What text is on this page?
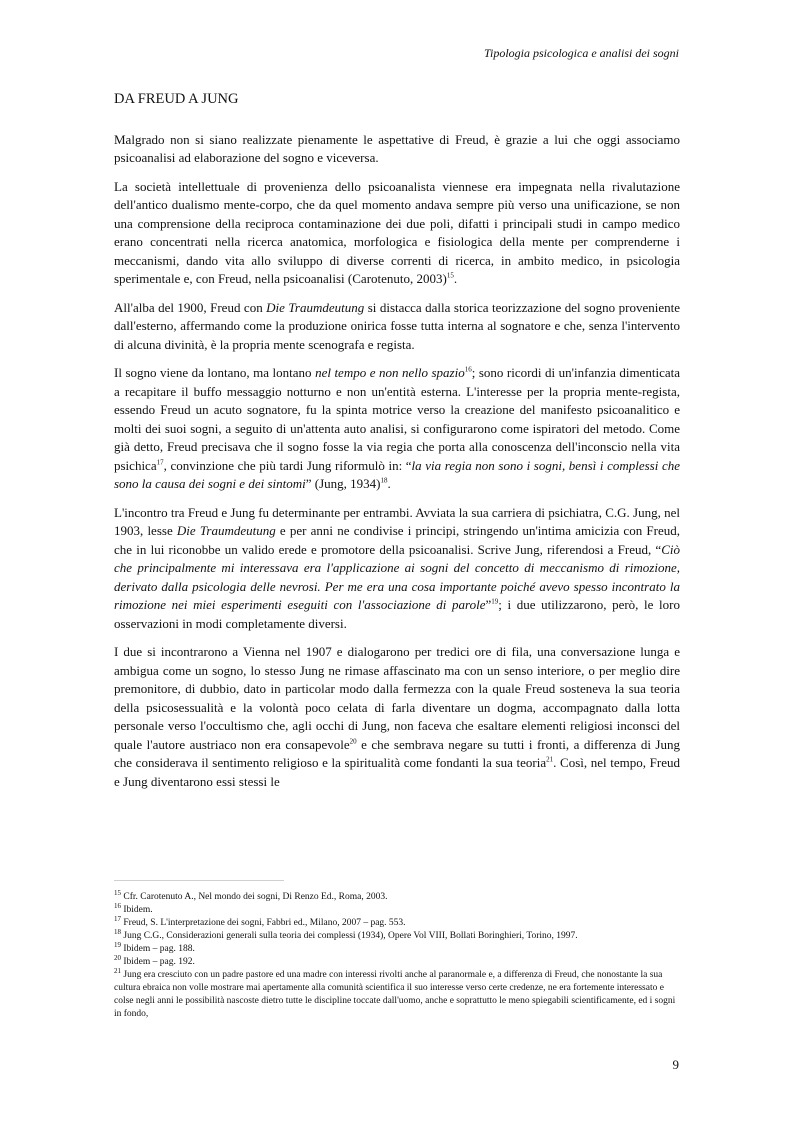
Tipologia psicologica e analisi dei sogni
DA FREUD A JUNG

Malgrado non si siano realizzate pienamente le aspettative di Freud, è grazie a lui che oggi associamo psicoanalisi ad elaborazione del sogno e viceversa.

La società intellettuale di provenienza dello psicoanalista viennese era impegnata nella rivalutazione dell'antico dualismo mente-corpo, che da quel momento andava sempre più verso una unificazione, se non una comprensione della reciproca contaminazione dei due poli, difatti i principali studi in campo medico erano concentrati nella ricerca anatomica, morfologica e fisiologica della mente per comprenderne i meccanismi, dando vita allo sviluppo di diverse correnti di ricerca, in ambito medico, in psicologia sperimentale e, con Freud, nella psicoanalisi (Carotenuto, 2003)$^{15}$.

All'alba del 1900, Freud con Die Traumdeutung si distacca dalla storica teorizzazione del sogno proveniente dall'esterno, affermando come la produzione onirica fosse tutta interna al sognatore e che, senza l'intervento di alcuna divinità, è la propria mente scenografa e regista.

Il sogno viene da lontano, ma lontano nel tempo e non nello spazio$^{16}$; sono ricordi di un'infanzia dimenticata a recapitare il buffo messaggio notturno e non un'entità esterna. L'interesse per la propria mente-regista, essendo Freud un acuto sognatore, fu la spinta motrice verso la creazione del manifesto psicoanalitico e molti dei suoi sogni, a seguito di un'attenta auto analisi, si configurarono come ispiratori del metodo. Come già detto, Freud precisava che il sogno fosse la via regia che porta alla conoscenza dell'inconscio nella vita psichica$^{17}$, convinzione che più tardi Jung riformulò in: “la via regia non sono i sogni, bensì i complessi che sono la causa dei sogni e dei sintomi” (Jung, 1934)$^{18}$.

L'incontro tra Freud e Jung fu determinante per entrambi. Avviata la sua carriera di psichiatra, C.G. Jung, nel 1903, lesse Die Traumdeutung e per anni ne condivise i principi, stringendo un'intima amicizia con Freud, che in lui riconobbe un valido erede e promotore della psicoanalisi. Scrive Jung, riferendosi a Freud, “Ciò che principalmente mi interessava era l'applicazione ai sogni del concetto di meccanismo di rimozione, derivato dalla psicologia delle nevrosi. Per me era una cosa importante poiché avevo spesso incontrato la rimozione nei miei esperimenti eseguiti con l'associazione di parole”$^{19}$; i due utilizzarono, però, le loro osservazioni in modi completamente diversi.

I due si incontrarono a Vienna nel 1907 e dialogarono per tredici ore di fila, una conversazione lunga e ambigua come un sogno, lo stesso Jung ne rimase affascinato ma con un senso interiore, o per meglio dire premonitore, di dubbio, dato in particolar modo dalla fermezza con la quale Freud sosteneva la sua teoria della psicosessualità e la volontà poco celata di farla diventare un dogma, accompagnato dalla lotta personale verso l'occultismo che, agli occhi di Jung, non faceva che esaltare elementi religiosi inconsci del quale l'autore austriaco non era consapevole$^{20}$ e che sembrava negare su tutti i fronti, a differenza di Jung che considerava il sentimento religioso e la spiritualità come fondanti la sua teoria$^{21}$. Così, nel tempo, Freud e Jung diventarono essi stessi le

$^{15}$ Cfr. Carotenuto A., Nel mondo dei sogni, Di Renzo Ed., Roma, 2003.
$^{16}$ Ibidem.
$^{17}$ Freud, S. L'interpretazione dei sogni, Fabbri ed., Milano, 2007 – pag. 553.
$^{18}$ Jung C.G., Considerazioni generali sulla teoria dei complessi (1934), Opere Vol VIII, Bollati Boringhieri, Torino, 1997.
$^{19}$ Ibidem – pag. 188.
$^{20}$ Ibidem – pag. 192.
$^{21}$ Jung era cresciuto con un padre pastore ed una madre con interessi rivolti anche al paranormale e, a differenza di Freud, che nonostante la sua cultura ebraica non volle mostrare mai apertamente alla comunità scientifica il suo interesse verso certe credenze, ne era fortemente interessato e colse negli anni le possibilità nascoste dietro tutte le discipline toccate dall'uomo, anche e soprattutto le meno spiegabili scientificamente, ed i sogni in fondo,
9
